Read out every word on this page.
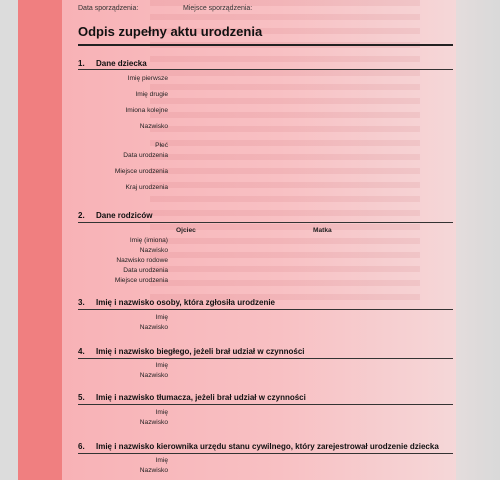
Data sporządzenia:	Miejsce sporządzenia:
Odpis zupełny aktu urodzenia
1. Dane dziecka
Imię pierwsze
Imię drugie
Imiona kolejne
Nazwisko
Płeć
Data urodzenia
Miejsce urodzenia
Kraj urodzenia
2. Dane rodziców
Ojciec	Matka
Imię (imiona)
Nazwisko
Nazwisko rodowe
Data urodzenia
Miejsce urodzenia
3. Imię i nazwisko osoby, która zgłosiła urodzenie
Imię
Nazwisko
4. Imię i nazwisko biegłego, jeżeli brał udział w czynności
Imię
Nazwisko
5. Imię i nazwisko tłumacza, jeżeli brał udział w czynności
Imię
Nazwisko
6. Imię i nazwisko kierownika urzędu stanu cywilnego, który zarejestrował urodzenie dziecka
Imię
Nazwisko
